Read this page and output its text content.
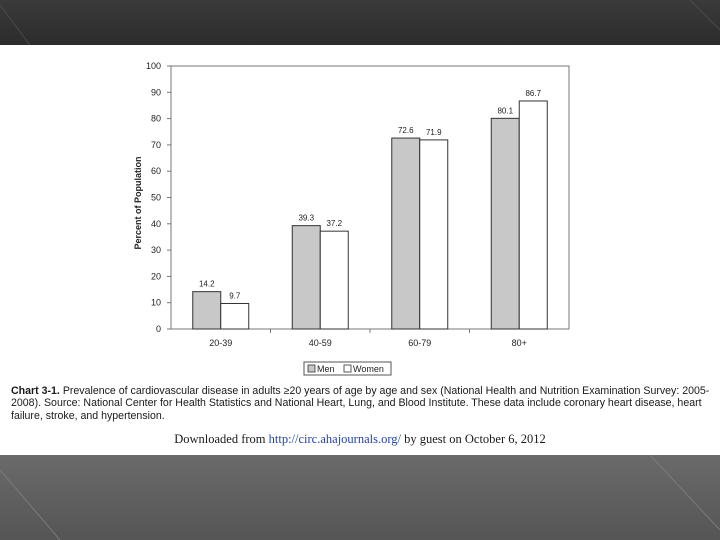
0
10
20
30
40
50
60
70
80
90
100
Percent of Population
14.2
9.7
20-39
39.3
37.2
40-59
72.6 71.9
60-79
80.1
86.7
80+
Men Women
Chart 3-1. Prevalence of cardiovascular disease in adults ≥20 years of age by age and sex (National Health and Nutrition Examination Survey: 2005-2008). Source: National Center for Health Statistics and National Heart, Lung, and Blood Institute. These data include coronary heart disease, heart failure, stroke, and hypertension.
Downloaded from http://circ.ahajournals.org/ by guest on October 6, 2012
